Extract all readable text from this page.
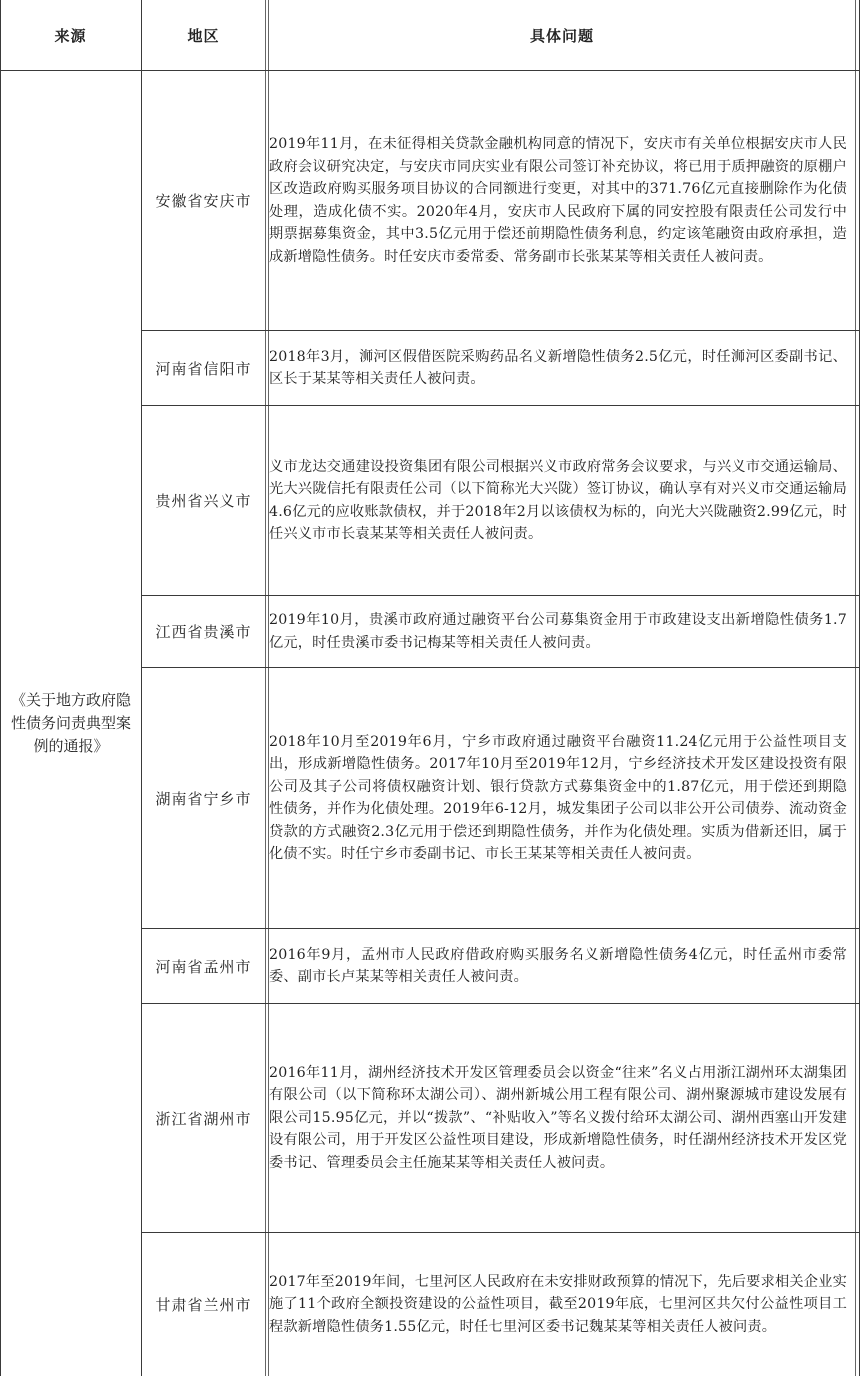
来源	地区	具体问题
《关于地方政府隐性债务问责典型案例的通报》
安徽省安庆市
2019年11月，在未征得相关贷款金融机构同意的情况下，安庆市有关单位根据安庆市人民政府会议研究决定，与安庆市同庆实业有限公司签订补充协议，将已用于质押融资的原棚户区改造政府购买服务项目协议的合同额进行变更，对其中的371.76亿元直接删除作为化债处理，造成化债不实。2020年4月，安庆市人民政府下属的同安控股有限责任公司发行中期票据募集资金，其中3.5亿元用于偿还前期隐性债务利息，约定该笔融资由政府承担，造成新增隐性债务。时任安庆市委常委、常务副市长张某某等相关责任人被问责。
河南省信阳市
2018年3月，浉河区假借医院采购药品名义新增隐性债务2.5亿元，时任浉河区委副书记、区长于某某等相关责任人被问责。
贵州省兴义市
义市龙达交通建设投资集团有限公司根据兴义市政府常务会议要求，与兴义市交通运输局、光大兴陇信托有限责任公司（以下简称光大兴陇）签订协议，确认享有对兴义市交通运输局4.6亿元的应收账款债权，并于2018年2月以该债权为标的，向光大兴陇融资2.99亿元，时任兴义市市长袁某某等相关责任人被问责。
江西省贵溪市
2019年10月，贵溪市政府通过融资平台公司募集资金用于市政建设支出新增隐性债务1.7亿元，时任贵溪市委书记梅某等相关责任人被问责。
湖南省宁乡市
2018年10月至2019年6月，宁乡市政府通过融资平台融资11.24亿元用于公益性项目支出，形成新增隐性债务。2017年10月至2019年12月，宁乡经济技术开发区建设投资有限公司及其子公司将债权融资计划、银行贷款方式募集资金中的1.87亿元，用于偿还到期隐性债务，并作为化债处理。2019年6-12月，城发集团子公司以非公开公司债券、流动资金贷款的方式融资2.3亿元用于偿还到期隐性债务，并作为化债处理。实质为借新还旧，属于化债不实。时任宁乡市委副书记、市长王某某等相关责任人被问责。
河南省孟州市
2016年9月，孟州市人民政府借政府购买服务名义新增隐性债务4亿元，时任孟州市委常委、副市长卢某某等相关责任人被问责。
浙江省湖州市
2016年11月，湖州经济技术开发区管理委员会以资金“往来”名义占用浙江湖州环太湖集团有限公司（以下简称环太湖公司）、湖州新城公用工程有限公司、湖州聚源城市建设发展有限公司15.95亿元，并以“拨款”、“补贴收入”等名义拨付给环太湖公司、湖州西塞山开发建设有限公司，用于开发区公益性项目建设，形成新增隐性债务，时任湖州经济技术开发区党委书记、管理委员会主任施某某等相关责任人被问责。
甘肃省兰州市
2017年至2019年间，七里河区人民政府在未安排财政预算的情况下，先后要求相关企业实施了11个政府全额投资建设的公益性项目，截至2019年底，七里河区共欠付公益性项目工程款新增隐性债务1.55亿元，时任七里河区委书记魏某某等相关责任人被问责。
